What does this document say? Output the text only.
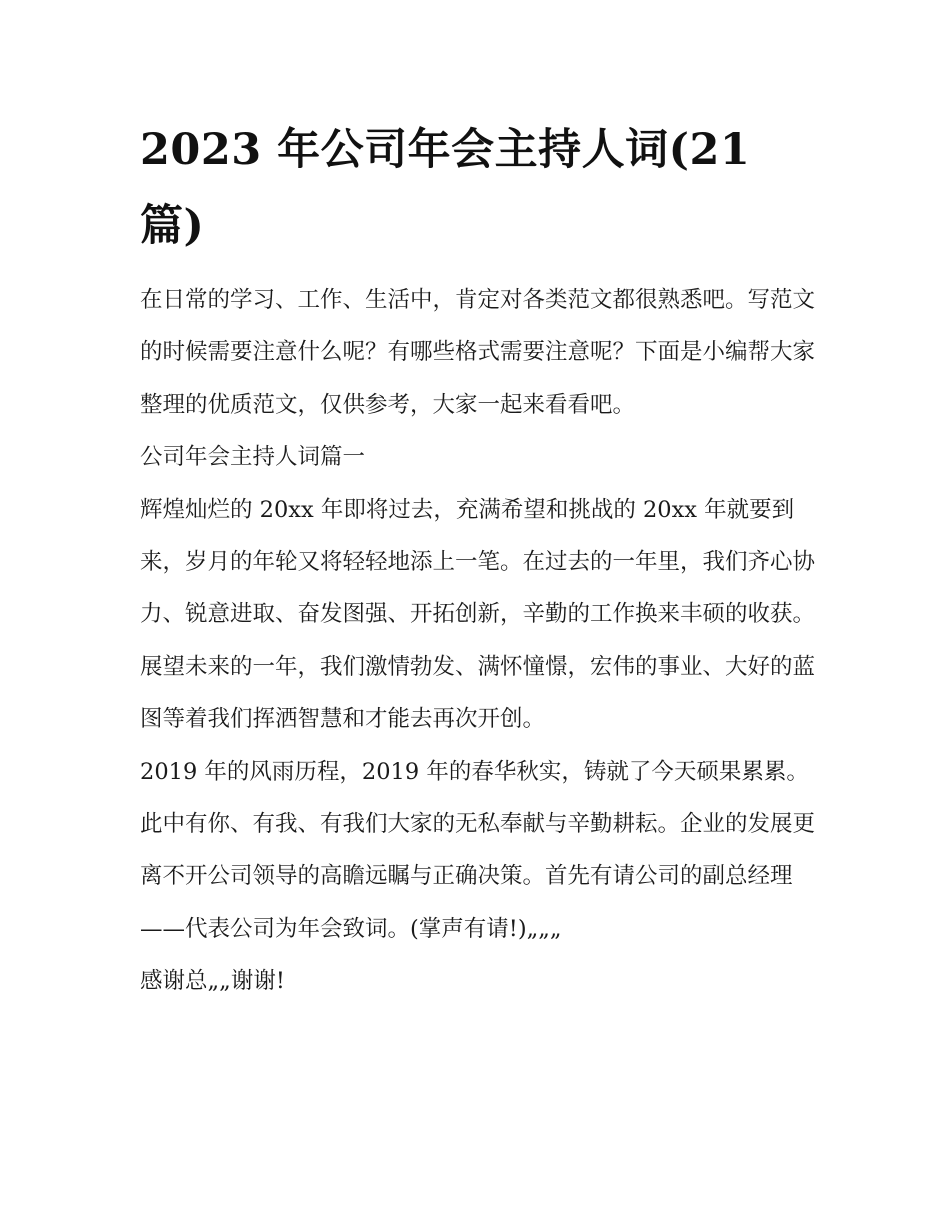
2023 年公司年会主持人词(21 篇)

在日常的学习、工作、生活中，肯定对各类范文都很熟悉吧。写范文的时候需要注意什么呢？有哪些格式需要注意呢？下面是小编帮大家整理的优质范文，仅供参考，大家一起来看看吧。

公司年会主持人词篇一

辉煌灿烂的 20xx 年即将过去，充满希望和挑战的 20xx 年就要到来，岁月的年轮又将轻轻地添上一笔。在过去的一年里，我们齐心协力、锐意进取、奋发图强、开拓创新，辛勤的工作换来丰硕的收获。展望未来的一年，我们激情勃发、满怀憧憬，宏伟的事业、大好的蓝图等着我们挥洒智慧和才能去再次开创。

2019 年的风雨历程，2019 年的春华秋实，铸就了今天硕果累累。此中有你、有我、有我们大家的无私奉献与辛勤耕耘。企业的发展更离不开公司领导的高瞻远瞩与正确决策。首先有请公司的副总经理——代表公司为年会致词。(掌声有请!)„„„

感谢总„„谢谢!
